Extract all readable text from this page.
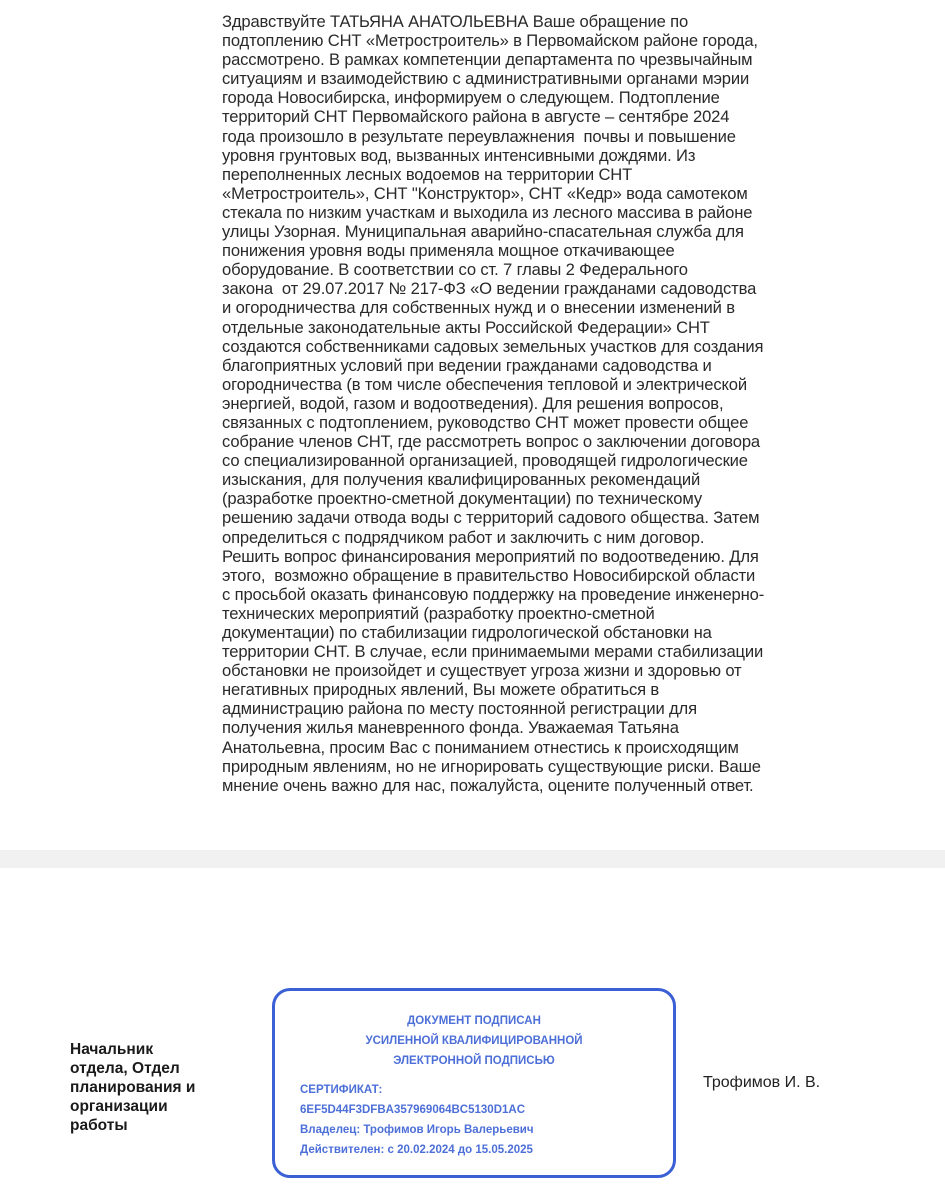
Здравствуйте ТАТЬЯНА АНАТОЛЬЕВНА Ваше обращение по
подтоплению СНТ «Метростроитель» в Первомайском районе города,
рассмотрено. В рамках компетенции департамента по чрезвычайным
ситуациям и взаимодействию с административными органами мэрии
города Новосибирска, информируем о следующем. Подтопление
территорий СНТ Первомайского района в августе – сентябре 2024
года произошло в результате переувлажнения  почвы и повышение
уровня грунтовых вод, вызванных интенсивными дождями. Из
переполненных лесных водоемов на территории СНТ
«Метростроитель», СНТ "Конструктор», СНТ «Кедр» вода самотеком
стекала по низким участкам и выходила из лесного массива в районе
улицы Узорная. Муниципальная аварийно-спасательная служба для
понижения уровня воды применяла мощное откачивающее
оборудование. В соответствии со ст. 7 главы 2 Федерального
закона  от 29.07.2017 № 217-ФЗ «О ведении гражданами садоводства
и огородничества для собственных нужд и о внесении изменений в
отдельные законодательные акты Российской Федерации» СНТ
создаются собственниками садовых земельных участков для создания
благоприятных условий при ведении гражданами садоводства и
огородничества (в том числе обеспечения тепловой и электрической
энергией, водой, газом и водоотведения). Для решения вопросов,
связанных с подтоплением, руководство СНТ может провести общее
собрание членов СНТ, где рассмотреть вопрос о заключении договора
со специализированной организацией, проводящей гидрологические
изыскания, для получения квалифицированных рекомендаций
(разработке проектно-сметной документации) по техническому
решению задачи отвода воды с территорий садового общества. Затем
определиться с подрядчиком работ и заключить с ним договор.
Решить вопрос финансирования мероприятий по водоотведению. Для
этого,  возможно обращение в правительство Новосибирской области
с просьбой оказать финансовую поддержку на проведение инженерно-
технических мероприятий (разработку проектно-сметной
документации) по стабилизации гидрологической обстановки на
территории СНТ. В случае, если принимаемыми мерами стабилизации
обстановки не произойдет и существует угроза жизни и здоровью от
негативных природных явлений, Вы можете обратиться в
администрацию района по месту постоянной регистрации для
получения жилья маневренного фонда. Уважаемая Татьяна
Анатольевна, просим Вас с пониманием отнестись к происходящим
природным явлениям, но не игнорировать существующие риски. Ваше
мнение очень важно для нас, пожалуйста, оцените полученный ответ.
Начальник
отдела, Отдел
планирования и
организации
работы
ДОКУМЕНТ ПОДПИСАН
УСИЛЕННОЙ КВАЛИФИЦИРОВАННОЙ
ЭЛЕКТРОННОЙ ПОДПИСЬЮ
СЕРТИФИКАТ:
6EF5D44F3DFBA357969064BC5130D1AC
Владелец: Трофимов Игорь Валерьевич
Действителен: с 20.02.2024 до 15.05.2025
Трофимов И. В.
